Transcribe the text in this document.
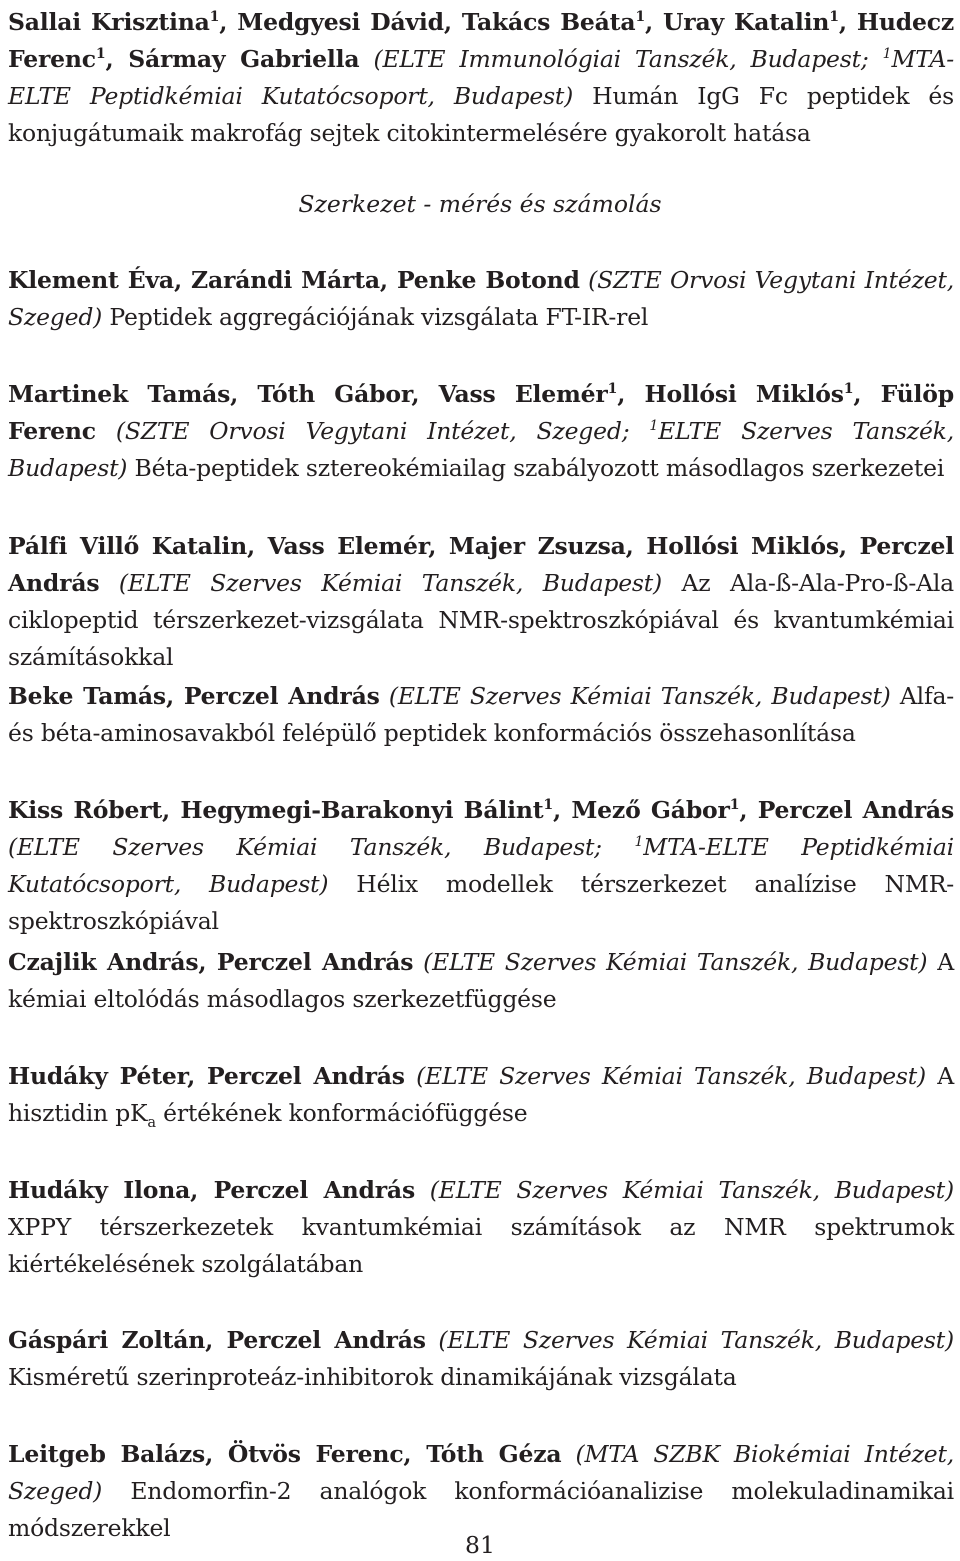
Sallai Krisztina$^1$, Medgyesi Dávid, Takács Beáta$^1$, Uray Katalin$^1$, Hudecz Ferenc$^1$, Sármay Gabriella (ELTE Immunológiai Tanszék, Budapest; $^1$MTA-ELTE Peptidkémiai Kutatócsoport, Budapest) Humán IgG Fc peptidek és konjugátumaik makrofág sejtek citokintermelésére gyakorolt hatása

Szerkezet - mérés és számolás

Klement Éva, Zarándi Márta, Penke Botond (SZTE Orvosi Vegytani Intézet, Szeged) Peptidek aggregációjának vizsgálata FT-IR-rel

Martinek Tamás, Tóth Gábor, Vass Elemér$^1$, Hollósi Miklós$^1$, Fülöp Ferenc (SZTE Orvosi Vegytani Intézet, Szeged; $^1$ELTE Szerves Tanszék, Budapest) Béta-peptidek sztereokémiailag szabályozott másodlagos szerkezetei

Pálfi Villő Katalin, Vass Elemér, Majer Zsuzsa, Hollósi Miklós, Perczel András (ELTE Szerves Kémiai Tanszék, Budapest) Az Ala-ß-Ala-Pro-ß-Ala ciklopeptid térszerkezet-vizsgálata NMR-spektroszkópiával és kvantumkémiai számításokkal

Beke Tamás, Perczel András (ELTE Szerves Kémiai Tanszék, Budapest) Alfa- és béta-aminosavakból felépülő peptidek konformációs összehasonlítása

Kiss Róbert, Hegymegi-Barakonyi Bálint$^1$, Mező Gábor$^1$, Perczel András (ELTE Szerves Kémiai Tanszék, Budapest; $^1$MTA-ELTE Peptidkémiai Kutatócsoport, Budapest) Hélix modellek térszerkezet analízise NMR-spektroszkópiával

Czajlik András, Perczel András (ELTE Szerves Kémiai Tanszék, Budapest) A kémiai eltolódás másodlagos szerkezetfüggése

Hudáky Péter, Perczel András (ELTE Szerves Kémiai Tanszék, Budapest) A hisztidin $pK_a$ értékének konformációfüggése

Hudáky Ilona, Perczel András (ELTE Szerves Kémiai Tanszék, Budapest) XPPY térszerkezetek kvantumkémiai számítások az NMR spektrumok kiértékelésének szolgálatában

Gáspári Zoltán, Perczel András (ELTE Szerves Kémiai Tanszék, Budapest) Kisméretű szerinproteáz-inhibitorok dinamikájának vizsgálata

Leitgeb Balázs, Ötvös Ferenc, Tóth Géza (MTA SZBK Biokémiai Intézet, Szeged) Endomorfin-2 analógok konformációanalizise molekuladinamikai módszerekkel

81
